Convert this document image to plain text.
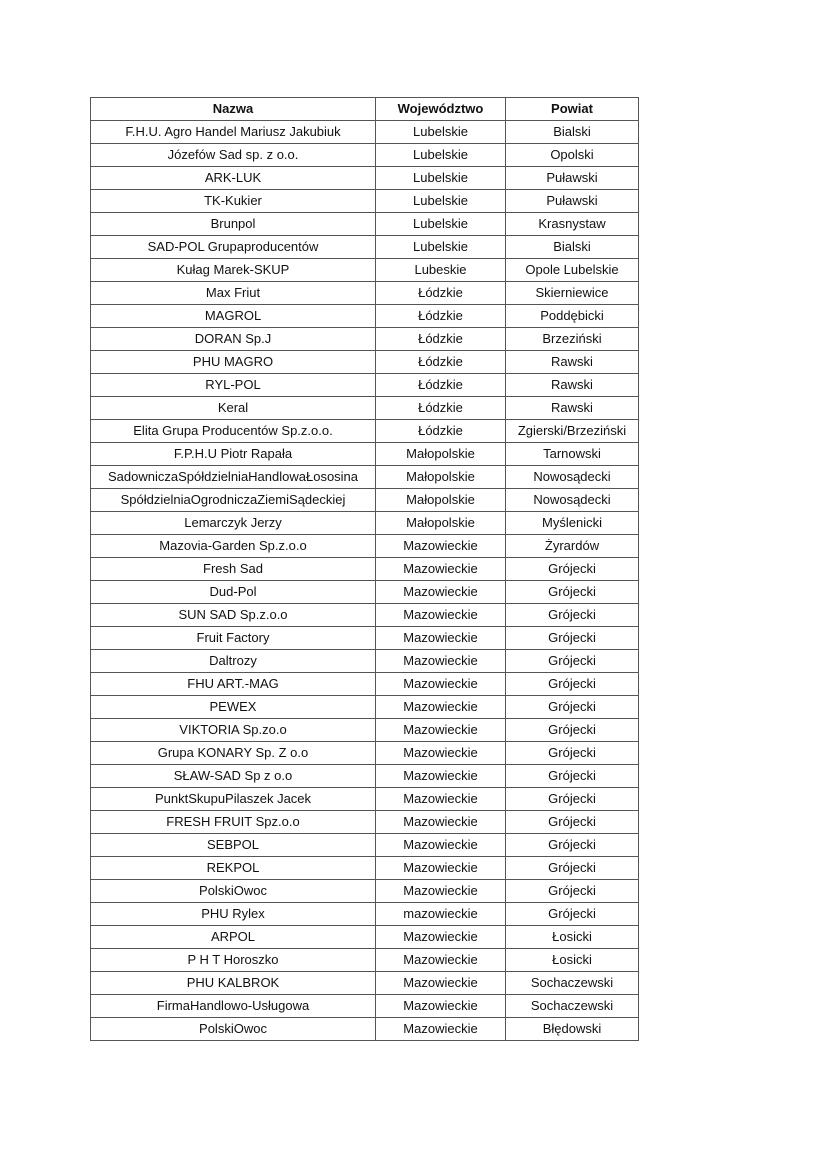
Nazwa	Województwo	Powiat
F.H.U. Agro Handel Mariusz Jakubiuk	Lubelskie	Bialski
Józefów Sad sp. z o.o.	Lubelskie	Opolski
ARK-LUK	Lubelskie	Puławski
TK-Kukier	Lubelskie	Puławski
Brunpol	Lubelskie	Krasnystaw
SAD-POL Grupaproducentów	Lubelskie	Bialski
Kułag Marek-SKUP	Lubeskie	Opole Lubelskie
Max Friut	Łódzkie	Skierniewice
MAGROL	Łódzkie	Poddębicki
DORAN Sp.J	Łódzkie	Brzeziński
PHU MAGRO	Łódzkie	Rawski
RYL-POL	Łódzkie	Rawski
Keral	Łódzkie	Rawski
Elita Grupa Producentów Sp.z.o.o.	Łódzkie	Zgierski/Brzeziński
F.P.H.U Piotr Rapała	Małopolskie	Tarnowski
SadowniczaSpółdzielniaHandlowaŁososina	Małopolskie	Nowosądecki
SpółdzielniaOgrodniczaZiemiSądeckiej	Małopolskie	Nowosądecki
Lemarczyk Jerzy	Małopolskie	Myślenicki
Mazovia-Garden Sp.z.o.o	Mazowieckie	Żyrardów
Fresh Sad	Mazowieckie	Grójecki
Dud-Pol	Mazowieckie	Grójecki
SUN SAD Sp.z.o.o	Mazowieckie	Grójecki
Fruit Factory	Mazowieckie	Grójecki
Daltrozy	Mazowieckie	Grójecki
FHU ART.-MAG	Mazowieckie	Grójecki
PEWEX	Mazowieckie	Grójecki
VIKTORIA Sp.zo.o	Mazowieckie	Grójecki
Grupa KONARY Sp. Z o.o	Mazowieckie	Grójecki
SŁAW-SAD Sp z o.o	Mazowieckie	Grójecki
PunktSkupuPilaszek Jacek	Mazowieckie	Grójecki
FRESH FRUIT Spz.o.o	Mazowieckie	Grójecki
SEBPOL	Mazowieckie	Grójecki
REKPOL	Mazowieckie	Grójecki
PolskiOwoc	Mazowieckie	Grójecki
PHU Rylex	mazowieckie	Grójecki
ARPOL	Mazowieckie	Łosicki
P H T Horoszko	Mazowieckie	Łosicki
PHU KALBROK	Mazowieckie	Sochaczewski
FirmaHandlowo-Usługowa	Mazowieckie	Sochaczewski
PolskiOwoc	Mazowieckie	Błędowski
